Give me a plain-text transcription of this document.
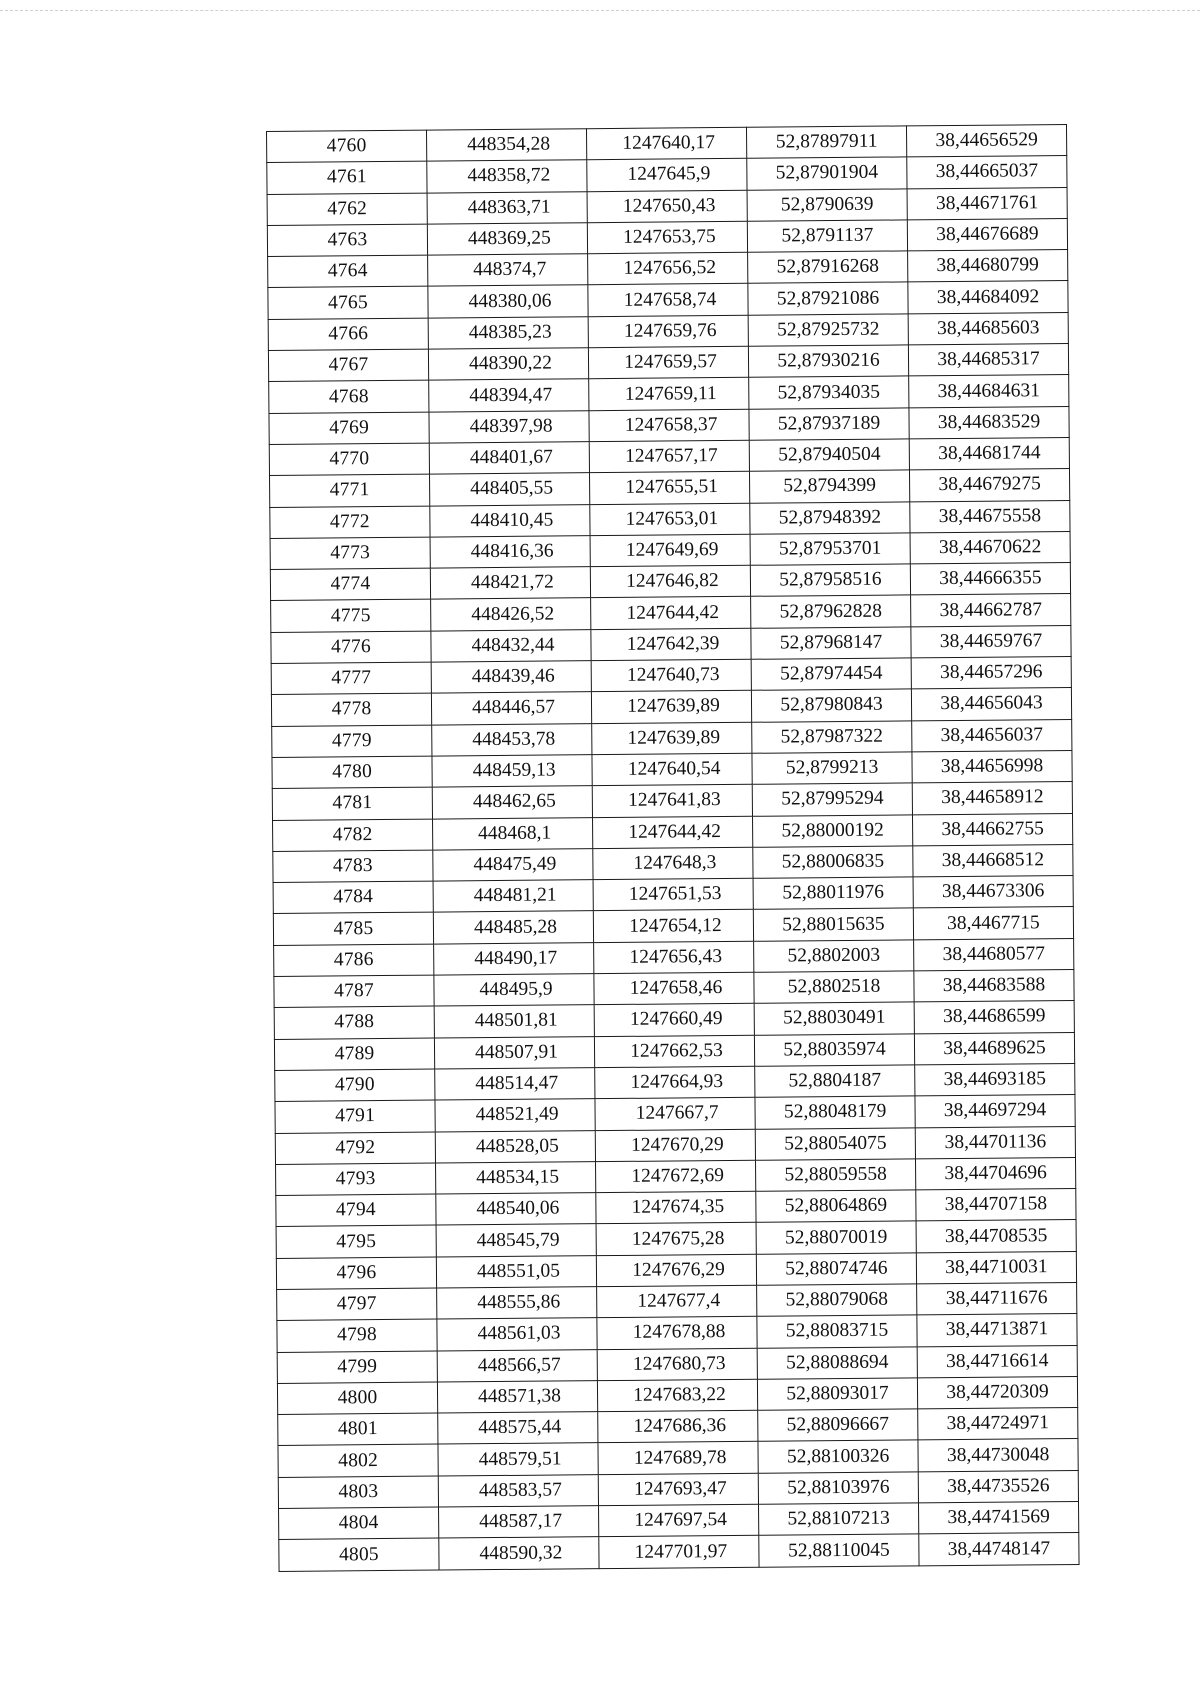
4760	448354,28	1247640,17	52,87897911	38,44656529
4761	448358,72	1247645,9	52,87901904	38,44665037
4762	448363,71	1247650,43	52,8790639	38,44671761
4763	448369,25	1247653,75	52,8791137	38,44676689
4764	448374,7	1247656,52	52,87916268	38,44680799
4765	448380,06	1247658,74	52,87921086	38,44684092
4766	448385,23	1247659,76	52,87925732	38,44685603
4767	448390,22	1247659,57	52,87930216	38,44685317
4768	448394,47	1247659,11	52,87934035	38,44684631
4769	448397,98	1247658,37	52,87937189	38,44683529
4770	448401,67	1247657,17	52,87940504	38,44681744
4771	448405,55	1247655,51	52,8794399	38,44679275
4772	448410,45	1247653,01	52,87948392	38,44675558
4773	448416,36	1247649,69	52,87953701	38,44670622
4774	448421,72	1247646,82	52,87958516	38,44666355
4775	448426,52	1247644,42	52,87962828	38,44662787
4776	448432,44	1247642,39	52,87968147	38,44659767
4777	448439,46	1247640,73	52,87974454	38,44657296
4778	448446,57	1247639,89	52,87980843	38,44656043
4779	448453,78	1247639,89	52,87987322	38,44656037
4780	448459,13	1247640,54	52,8799213	38,44656998
4781	448462,65	1247641,83	52,87995294	38,44658912
4782	448468,1	1247644,42	52,88000192	38,44662755
4783	448475,49	1247648,3	52,88006835	38,44668512
4784	448481,21	1247651,53	52,88011976	38,44673306
4785	448485,28	1247654,12	52,88015635	38,4467715
4786	448490,17	1247656,43	52,8802003	38,44680577
4787	448495,9	1247658,46	52,8802518	38,44683588
4788	448501,81	1247660,49	52,88030491	38,44686599
4789	448507,91	1247662,53	52,88035974	38,44689625
4790	448514,47	1247664,93	52,8804187	38,44693185
4791	448521,49	1247667,7	52,88048179	38,44697294
4792	448528,05	1247670,29	52,88054075	38,44701136
4793	448534,15	1247672,69	52,88059558	38,44704696
4794	448540,06	1247674,35	52,88064869	38,44707158
4795	448545,79	1247675,28	52,88070019	38,44708535
4796	448551,05	1247676,29	52,88074746	38,44710031
4797	448555,86	1247677,4	52,88079068	38,44711676
4798	448561,03	1247678,88	52,88083715	38,44713871
4799	448566,57	1247680,73	52,88088694	38,44716614
4800	448571,38	1247683,22	52,88093017	38,44720309
4801	448575,44	1247686,36	52,88096667	38,44724971
4802	448579,51	1247689,78	52,88100326	38,44730048
4803	448583,57	1247693,47	52,88103976	38,44735526
4804	448587,17	1247697,54	52,88107213	38,44741569
4805	448590,32	1247701,97	52,88110045	38,44748147
